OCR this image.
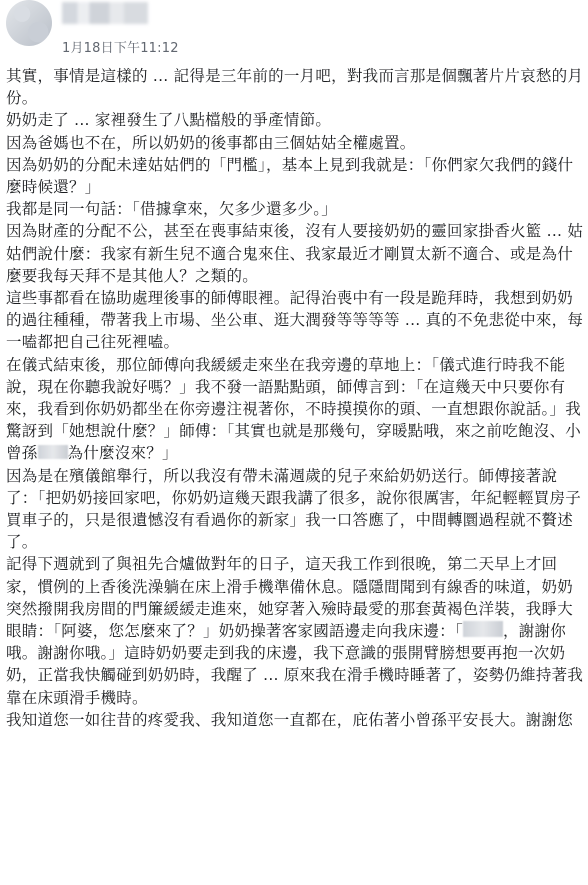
1月18日下午11:12

其實，事情是這樣的 ... 記得是三年前的一月吧，對我而言那是個飄著片片哀愁的月份。

奶奶走了 ... 家裡發生了八點檔般的爭產情節。

因為爸媽也不在，所以奶奶的後事都由三個姑姑全權處置。

因為奶奶的分配未達姑姑們的「門檻」，基本上見到我就是：「你們家欠我們的錢什麼時候還？」

我都是同一句話：「借據拿來，欠多少還多少。」

因為財產的分配不公，甚至在喪事結束後，沒有人要接奶奶的靈回家掛香火籃 ... 姑姑們說什麼：我家有新生兒不適合鬼來住、我家最近才剛買太新不適合、或是為什麼要我每天拜不是其他人？之類的。

這些事都看在協助處理後事的師傅眼裡。記得治喪中有一段是跪拜時，我想到奶奶的過往種種，帶著我上市場、坐公車、逛大潤發等等等等 ... 真的不免悲從中來，每一嗑都把自己往死裡嗑。

在儀式結束後，那位師傅向我緩緩走來坐在我旁邊的草地上：「儀式進行時我不能說，現在你聽我說好嗎？」我不發一語點點頭，師傅言到：「在這幾天中只要你有來，我看到你奶奶都坐在你旁邊注視著你，不時摸摸你的頭、一直想跟你說話。」我驚訝到「她想說什麼？」師傅：「其實也就是那幾句，穿暖點哦，來之前吃飽沒、小曾孫 為什麼沒來？」

因為是在殯儀館舉行，所以我沒有帶未滿週歲的兒子來給奶奶送行。師傅接著說了：「把奶奶接回家吧，你奶奶這幾天跟我講了很多，說你很厲害，年紀輕輕買房子買車子的，只是很遺憾沒有看過你的新家」我一口答應了，中間轉圜過程就不贅述了。

記得下週就到了與祖先合爐做對年的日子，這天我工作到很晚，第二天早上才回家，慣例的上香後洗澡躺在床上滑手機準備休息。隱隱間聞到有線香的味道，奶奶突然撥開我房間的門簾緩緩走進來，她穿著入殮時最愛的那套黃褐色洋裝，我睜大眼睛：「阿婆，您怎麼來了？」奶奶操著客家國語邊走向我床邊：「	，謝謝你哦。謝謝你哦。」這時奶奶要走到我的床邊，我下意識的張開臂膀想要再抱一次奶奶，正當我快觸碰到奶奶時，我醒了 ... 原來我在滑手機時睡著了，姿勢仍維持著我靠在床頭滑手機時。

我知道您一如往昔的疼愛我、我知道您一直都在，庇佑著小曾孫平安長大。謝謝您
